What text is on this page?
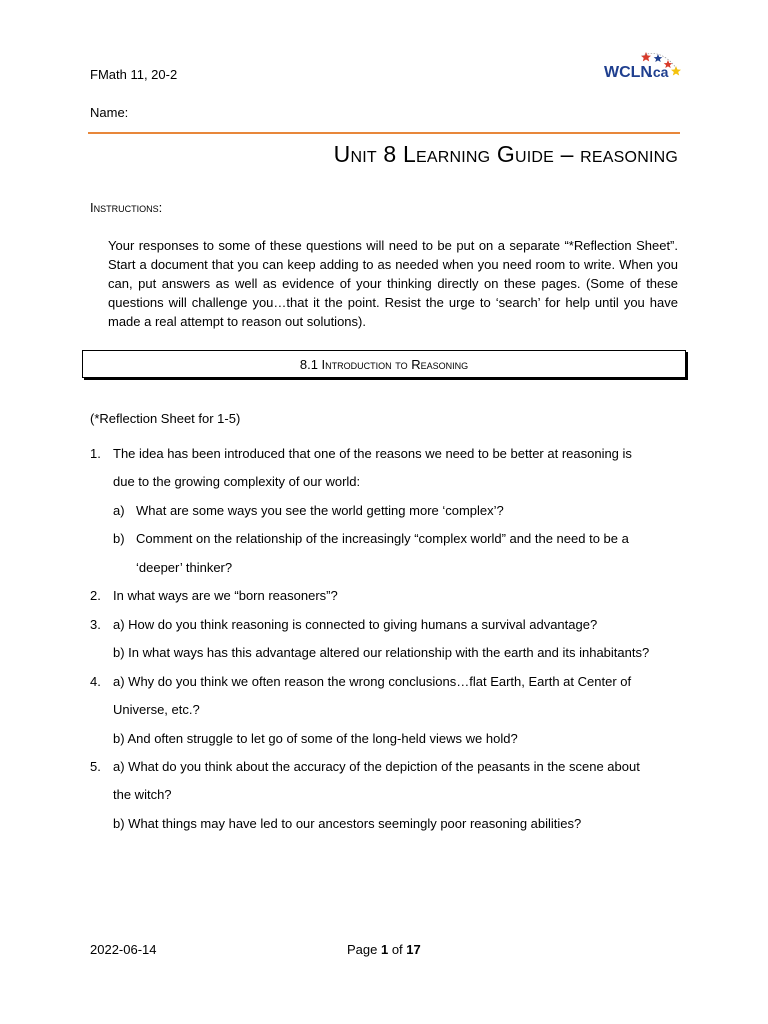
FMath 11, 20-2
Name:
WCLN
.ca
Unit 8 Learning Guide – reasoning
Instructions:

Your responses to some of these questions will need to be put on a separate “*Reflection Sheet”. Start a document that you can keep adding to as needed when you need room to write. When you can, put answers as well as evidence of your thinking directly on these pages. (Some of these questions will challenge you…that it the point. Resist the urge to ‘search’ for help until you have made a real attempt to reason out solutions).

8.1 Introduction to Reasoning
(*Reflection Sheet for 1-5)
1. The idea has been introduced that one of the reasons we need to be better at reasoning is
due to the growing complexity of our world:
a) What are some ways you see the world getting more ‘complex’?
b) Comment on the relationship of the increasingly “complex world” and the need to be a
‘deeper’ thinker?
2. In what ways are we “born reasoners”?
3. a) How do you think reasoning is connected to giving humans a survival advantage?
b) In what ways has this advantage altered our relationship with the earth and its inhabitants?
4. a) Why do you think we often reason the wrong conclusions…flat Earth, Earth at Center of
Universe, etc.?
b) And often struggle to let go of some of the long-held views we hold?
5. a) What do you think about the accuracy of the depiction of the peasants in the scene about
the witch?
b) What things may have led to our ancestors seemingly poor reasoning abilities?
2022-06-14	Page 1 of 17
